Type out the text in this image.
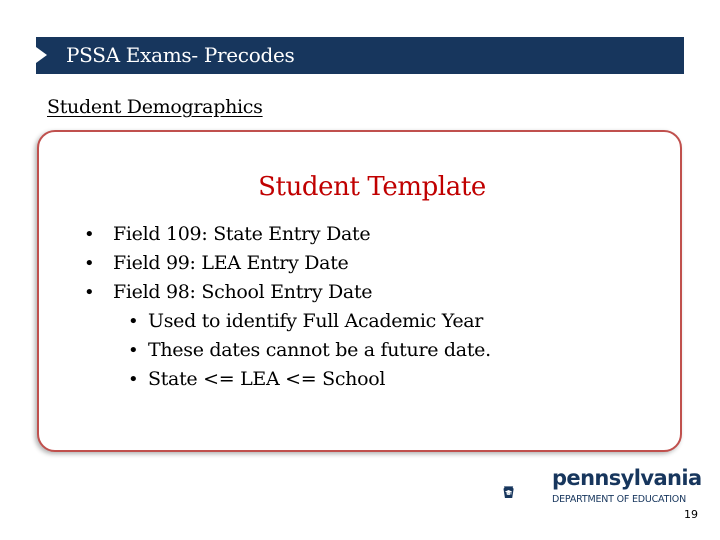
PSSA Exams- Precodes
Student Demographics
Student Template
• Field 109: State Entry Date
• Field 99: LEA Entry Date
• Field 98: School Entry Date
• Used to identify Full Academic Year
• These dates cannot be a future date.
• State <= LEA <= School
pennsylvania
DEPARTMENT OF EDUCATION
19
